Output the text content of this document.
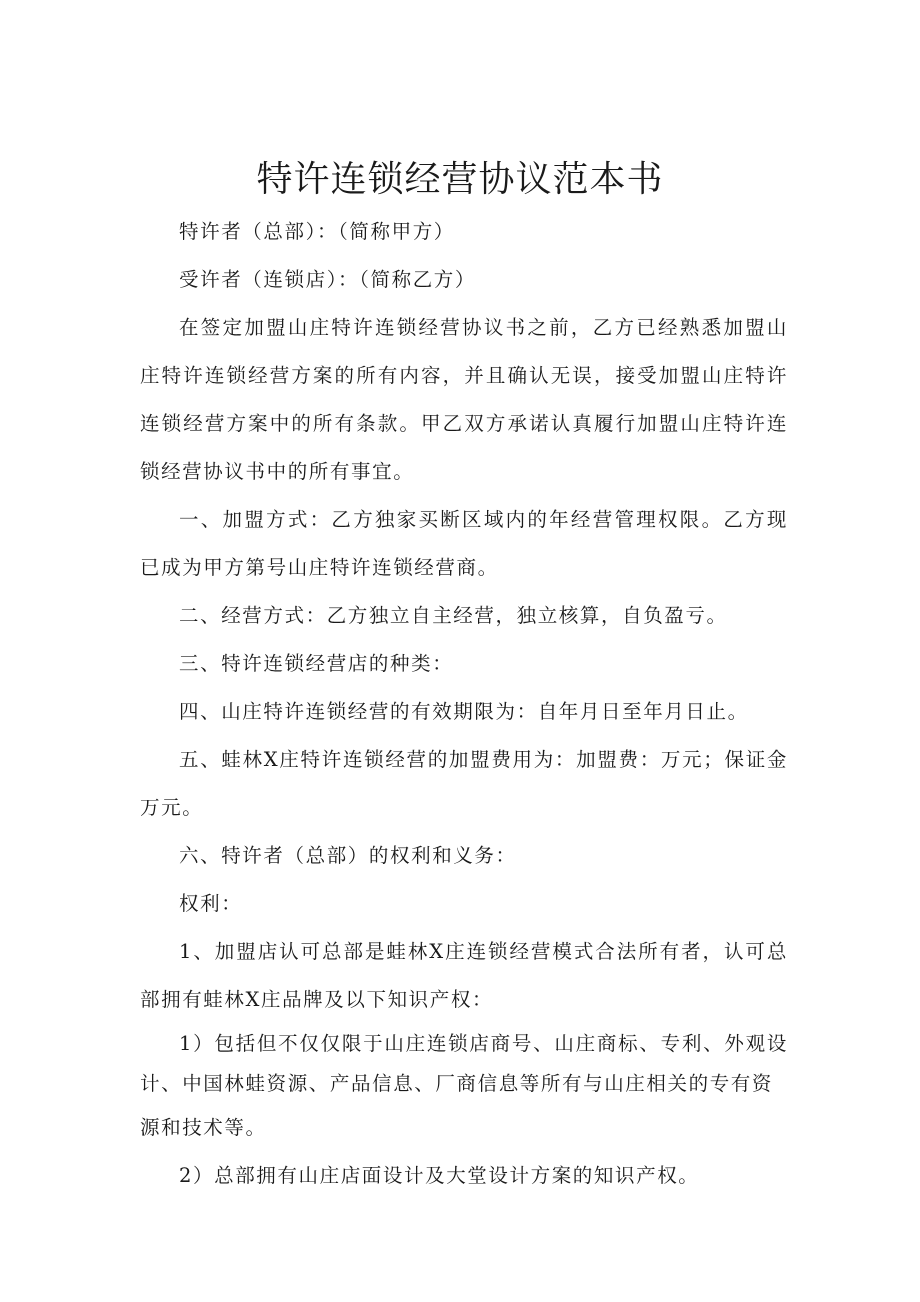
特许连锁经营协议范本书

特许者（总部）：（简称甲方）

受许者（连锁店）：（简称乙方）

在签定加盟山庄特许连锁经营协议书之前，乙方已经熟悉加盟山庄特许连锁经营方案的所有内容，并且确认无误，接受加盟山庄特许连锁经营方案中的所有条款。甲乙双方承诺认真履行加盟山庄特许连锁经营协议书中的所有事宜。

一、加盟方式：乙方独家买断区域内的年经营管理权限。乙方现已成为甲方第号山庄特许连锁经营商。

二、经营方式：乙方独立自主经营，独立核算，自负盈亏。

三、特许连锁经营店的种类：

四、山庄特许连锁经营的有效期限为：自年月日至年月日止。

五、蛙林X庄特许连锁经营的加盟费用为：加盟费：万元；保证金万元。

六、特许者（总部）的权利和义务：

权利：

1、加盟店认可总部是蛙林X庄连锁经营模式合法所有者，认可总部拥有蛙林X庄品牌及以下知识产权：

1）包括但不仅仅限于山庄连锁店商号、山庄商标、专利、外观设计、中国林蛙资源、产品信息、厂商信息等所有与山庄相关的专有资

源和技术等。

2）总部拥有山庄店面设计及大堂设计方案的知识产权。
